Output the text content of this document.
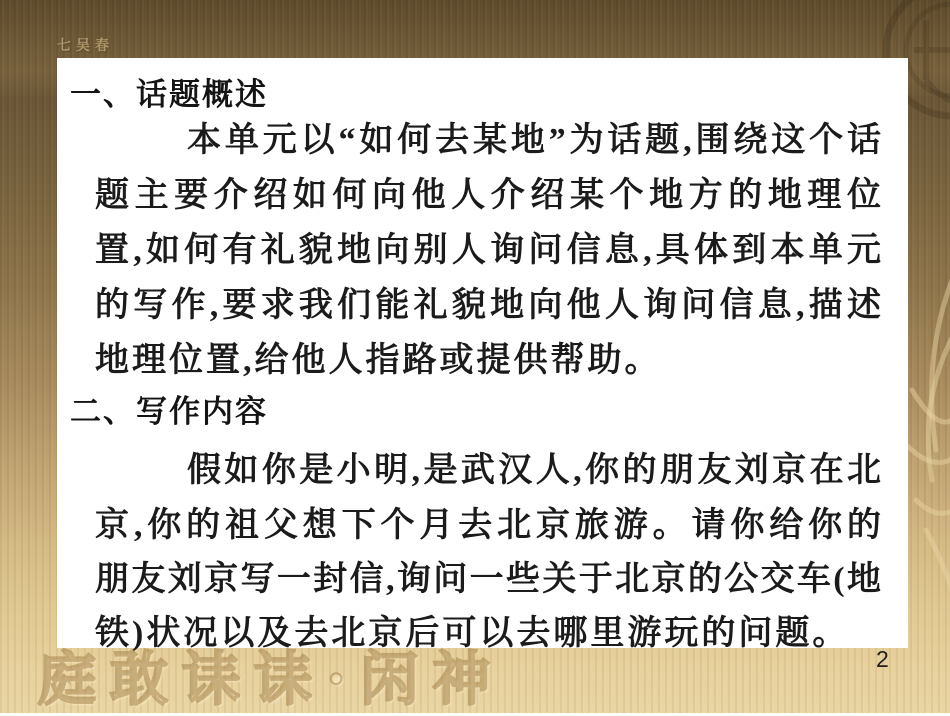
七吴春
一、话题概述
本单元以“如何去某地”为话题,围绕这个话
题主要介绍如何向他人介绍某个地方的地理位
置,如何有礼貌地向别人询问信息,具体到本单元
的写作,要求我们能礼貌地向他人询问信息,描述
地理位置,给他人指路或提供帮助。
二、写作内容
假如你是小明,是武汉人,你的朋友刘京在北
京,你的祖父想下个月去北京旅游。请你给你的
朋友刘京写一封信,询问一些关于北京的公交车(地
铁)状况以及去北京后可以去哪里游玩的问题。
庭敢诔诔·闲神	2
